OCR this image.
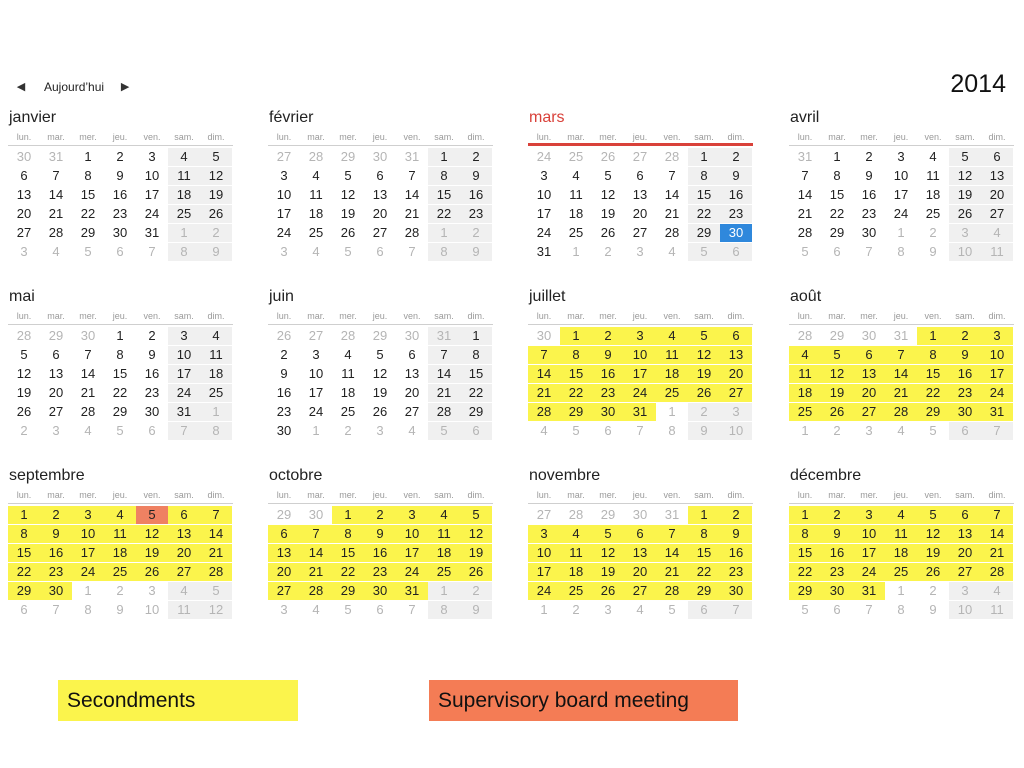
◀ Aujourd’hui ▶	2014
janvier
lun.	mar.	mer.	jeu.	ven.	sam.	dim.
30	31	1	2	3	4	5
6	7	8	9	10	11	12
13	14	15	16	17	18	19
20	21	22	23	24	25	26
27	28	29	30	31	1	2
3	4	5	6	7	8	9
février
lun.	mar.	mer.	jeu.	ven.	sam.	dim.
27	28	29	30	31	1	2
3	4	5	6	7	8	9
10	11	12	13	14	15	16
17	18	19	20	21	22	23
24	25	26	27	28	1	2
3	4	5	6	7	8	9
mars
lun.	mar.	mer.	jeu.	ven.	sam.	dim.
24	25	26	27	28	1	2
3	4	5	6	7	8	9
10	11	12	13	14	15	16
17	18	19	20	21	22	23
24	25	26	27	28	29	30
31	1	2	3	4	5	6
avril
lun.	mar.	mer.	jeu.	ven.	sam.	dim.
31	1	2	3	4	5	6
7	8	9	10	11	12	13
14	15	16	17	18	19	20
21	22	23	24	25	26	27
28	29	30	1	2	3	4
5	6	7	8	9	10	11
mai
lun.	mar.	mer.	jeu.	ven.	sam.	dim.
28	29	30	1	2	3	4
5	6	7	8	9	10	11
12	13	14	15	16	17	18
19	20	21	22	23	24	25
26	27	28	29	30	31	1
2	3	4	5	6	7	8
juin
lun.	mar.	mer.	jeu.	ven.	sam.	dim.
26	27	28	29	30	31	1
2	3	4	5	6	7	8
9	10	11	12	13	14	15
16	17	18	19	20	21	22
23	24	25	26	27	28	29
30	1	2	3	4	5	6
juillet
lun.	mar.	mer.	jeu.	ven.	sam.	dim.
30	1	2	3	4	5	6
7	8	9	10	11	12	13
14	15	16	17	18	19	20
21	22	23	24	25	26	27
28	29	30	31	1	2	3
4	5	6	7	8	9	10
août
lun.	mar.	mer.	jeu.	ven.	sam.	dim.
28	29	30	31	1	2	3
4	5	6	7	8	9	10
11	12	13	14	15	16	17
18	19	20	21	22	23	24
25	26	27	28	29	30	31
1	2	3	4	5	6	7
septembre
lun.	mar.	mer.	jeu.	ven.	sam.	dim.
1	2	3	4	5	6	7
8	9	10	11	12	13	14
15	16	17	18	19	20	21
22	23	24	25	26	27	28
29	30	1	2	3	4	5
6	7	8	9	10	11	12
octobre
lun.	mar.	mer.	jeu.	ven.	sam.	dim.
29	30	1	2	3	4	5
6	7	8	9	10	11	12
13	14	15	16	17	18	19
20	21	22	23	24	25	26
27	28	29	30	31	1	2
3	4	5	6	7	8	9
novembre
lun.	mar.	mer.	jeu.	ven.	sam.	dim.
27	28	29	30	31	1	2
3	4	5	6	7	8	9
10	11	12	13	14	15	16
17	18	19	20	21	22	23
24	25	26	27	28	29	30
1	2	3	4	5	6	7
décembre
lun.	mar.	mer.	jeu.	ven.	sam.	dim.
1	2	3	4	5	6	7
8	9	10	11	12	13	14
15	16	17	18	19	20	21
22	23	24	25	26	27	28
29	30	31	1	2	3	4
5	6	7	8	9	10	11
Secondments	Supervisory board meeting
